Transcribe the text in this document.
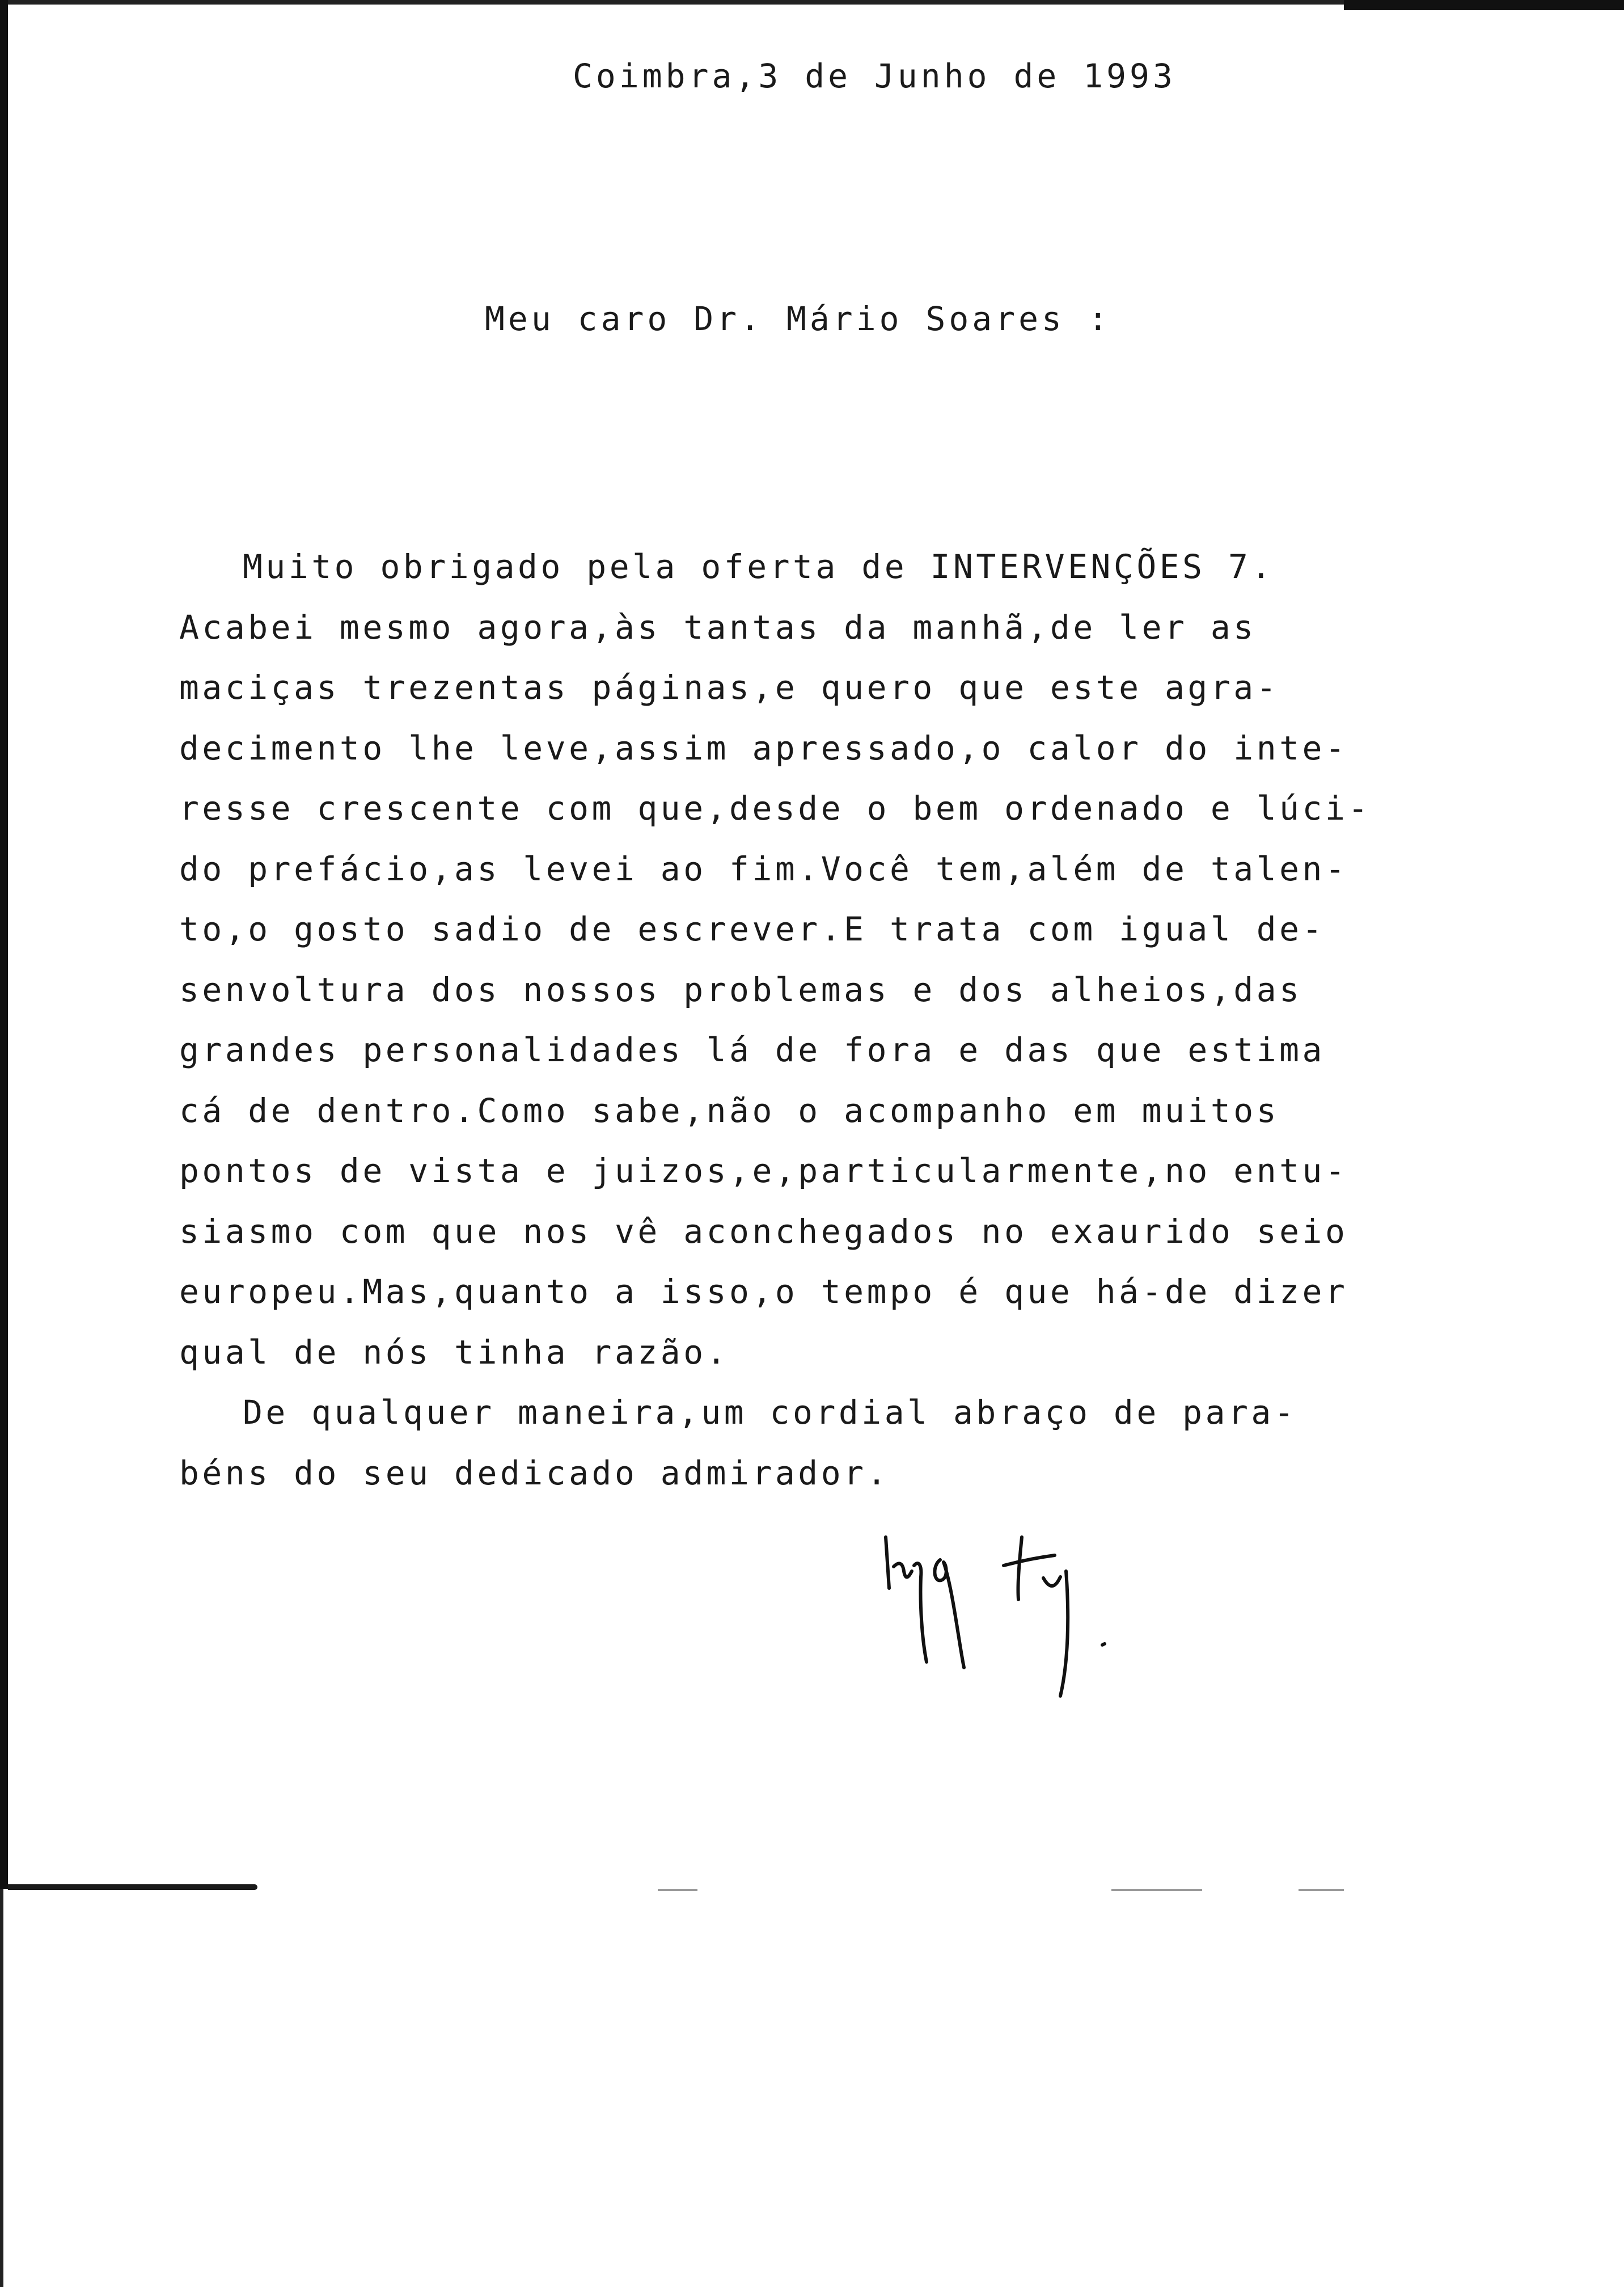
Coimbra,3 de Junho de 1993
Meu caro Dr. Mário Soares :
Muito obrigado pela oferta de INTERVENÇÕES 7.
Acabei mesmo agora,às tantas da manhã,de ler as
maciças trezentas páginas,e quero que este agra-
decimento lhe leve,assim apressado,o calor do inte-
resse crescente com que,desde o bem ordenado e lúci-
do prefácio,as levei ao fim.Você tem,além de talen-
to,o gosto sadio de escrever.E trata com igual de-
senvoltura dos nossos problemas e dos alheios,das
grandes personalidades lá de fora e das que estima
cá de dentro.Como sabe,não o acompanho em muitos
pontos de vista e juizos,e,particularmente,no entu-
siasmo com que nos vê aconchegados no exaurido seio
europeu.Mas,quanto a isso,o tempo é que há-de dizer
qual de nós tinha razão.
De qualquer maneira,um cordial abraço de para-
béns do seu dedicado admirador.
